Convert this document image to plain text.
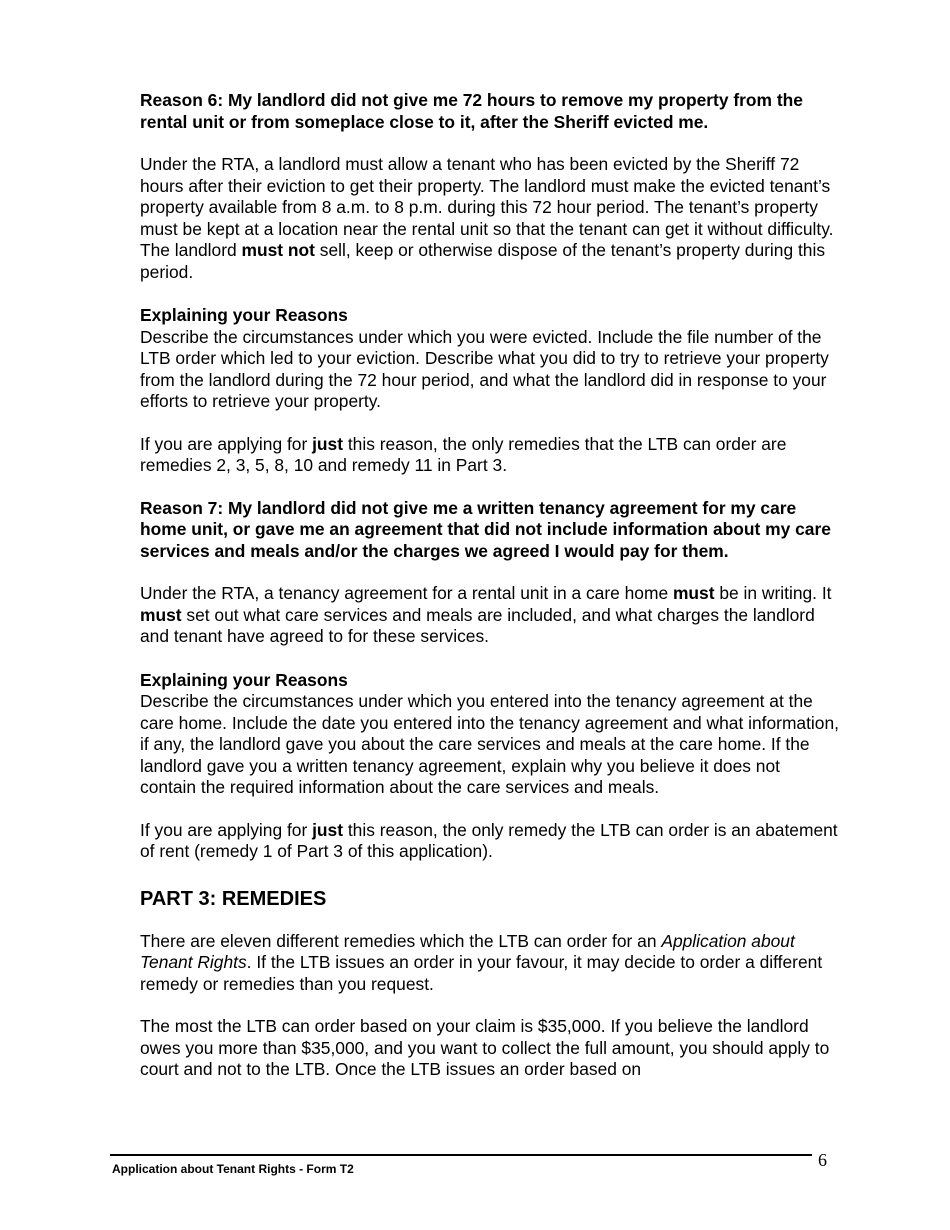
Reason 6: My landlord did not give me 72 hours to remove my property from the rental unit or from someplace close to it, after the Sheriff evicted me.

Under the RTA, a landlord must allow a tenant who has been evicted by the Sheriff 72 hours after their eviction to get their property. The landlord must make the evicted tenant’s property available from 8 a.m. to 8 p.m. during this 72 hour period. The tenant’s property must be kept at a location near the rental unit so that the tenant can get it without difficulty. The landlord must not sell, keep or otherwise dispose of the tenant’s property during this period.

Explaining your Reasons

Describe the circumstances under which you were evicted. Include the file number of the LTB order which led to your eviction. Describe what you did to try to retrieve your property from the landlord during the 72 hour period, and what the landlord did in response to your efforts to retrieve your property.

If you are applying for just this reason, the only remedies that the LTB can order are remedies 2, 3, 5, 8, 10 and remedy 11 in Part 3.

Reason 7: My landlord did not give me a written tenancy agreement for my care home unit, or gave me an agreement that did not include information about my care services and meals and/or the charges we agreed I would pay for them.

Under the RTA, a tenancy agreement for a rental unit in a care home must be in writing. It must set out what care services and meals are included, and what charges the landlord and tenant have agreed to for these services.

Explaining your Reasons

Describe the circumstances under which you entered into the tenancy agreement at the care home. Include the date you entered into the tenancy agreement and what information, if any, the landlord gave you about the care services and meals at the care home. If the landlord gave you a written tenancy agreement, explain why you believe it does not contain the required information about the care services and meals.

If you are applying for just this reason, the only remedy the LTB can order is an abatement of rent (remedy 1 of Part 3 of this application).

PART 3: REMEDIES

There are eleven different remedies which the LTB can order for an Application about Tenant Rights. If the LTB issues an order in your favour, it may decide to order a different remedy or remedies than you request.

The most the LTB can order based on your claim is $35,000. If you believe the landlord owes you more than $35,000, and you want to collect the full amount, you should apply to court and not to the LTB. Once the LTB issues an order based on

Application about Tenant Rights - Form T2	6
